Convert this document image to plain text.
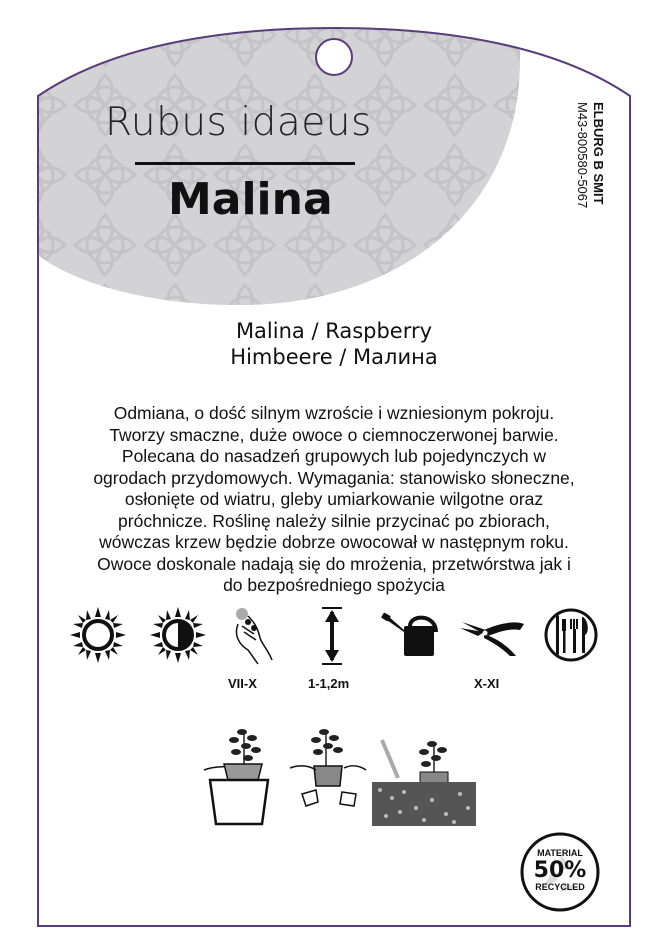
Rubus idaeus
Malina	ELBURG B SMIT
M43-800580-5067
Malina / Raspberry
Himbeere / Малина
Odmiana, o dość silnym wzroście i wzniesionym pokroju.
Tworzy smaczne, duże owoce o ciemnoczerwonej barwie.
Polecana do nasadzeń grupowych lub pojedynczych w
ogrodach przydomowych. Wymagania: stanowisko słoneczne,
osłonięte od wiatru, gleby umiarkowanie wilgotne oraz
próchnicze. Roślinę należy silnie przycinać po zbiorach,
wówczas krzew będzie dobrze owocował w następnym roku.
Owoce doskonale nadają się do mrożenia, przetwórstwa jak i
do bezpośredniego spożycia
VII-X	1-1,2m	X-XI
MATERIAL
50%
RECYCLED
